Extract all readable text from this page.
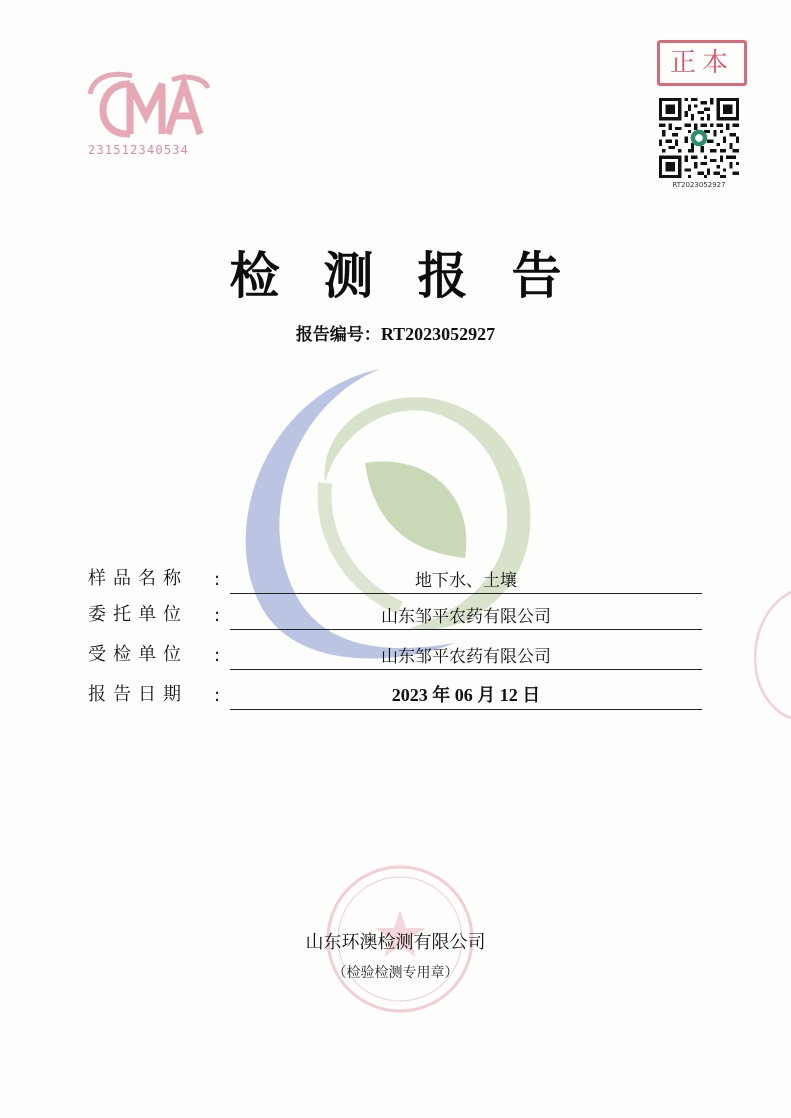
231512340534
正本
RT2023052927
检测报告
报告编号：RT2023052927
样品名称 :	地下水、土壤
委托单位 :	山东邹平农药有限公司
受检单位 :	山东邹平农药有限公司
报告日期 :	2023 年 06 月 12 日
山东环澳检测有限公司
（检验检测专用章）
